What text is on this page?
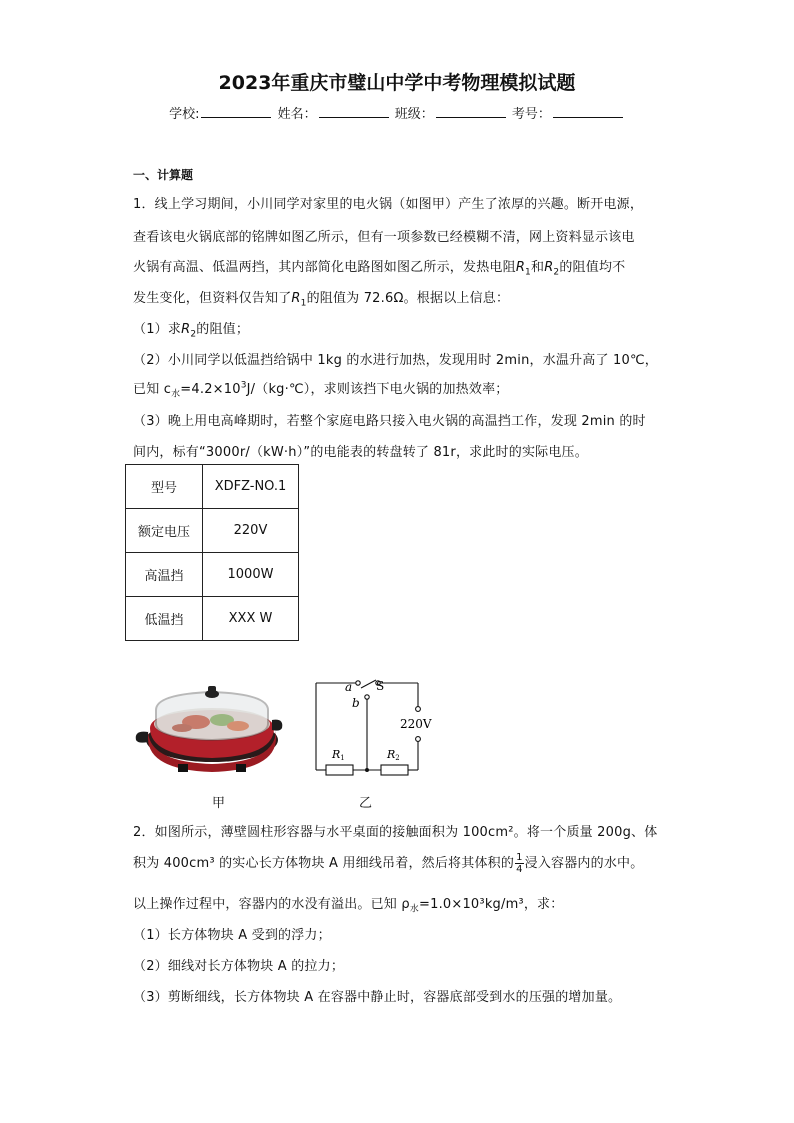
2023年重庆市璧山中学中考物理模拟试题
学校:	姓名：	班级：	考号：
一、计算题
1．线上学习期间，小川同学对家里的电火锅（如图甲）产生了浓厚的兴趣。断开电源，
查看该电火锅底部的铭牌如图乙所示，但有一项参数已经模糊不清，网上资料显示该电
火锅有高温、低温两挡，其内部简化电路图如图乙所示，发热电阻$R_1$和$R_2$的阻值均不
发生变化，但资料仅告知了$R_1$的阻值为 72.6Ω。根据以上信息：
（1）求$R_2$的阻值；
（2）小川同学以低温挡给锅中 1kg 的水进行加热，发现用时 2min，水温升高了 10℃，
已知 $c_水=4.2\times 10^3J/(kg\cdot℃)$，求则该挡下电火锅的加热效率；
（3）晚上用电高峰期时，若整个家庭电路只接入电火锅的高温挡工作，发现 2min 的时
间内，标有“3000r/（kW·h）”的电能表的转盘转了 81r，求此时的实际电压。
型号	XDFZ-NO.1
额定电压	220V
高温挡	1000W
低温挡	XXX W
a
b
S
220V
R1	R2
甲	乙
2．如图所示，薄壁圆柱形容器与水平桌面的接触面积为 100cm²。将一个质量 200g、体
积为 400cm³ 的实心长方体物块 A 用细线吊着，然后将其体积的 $\frac{1}{4}$ 浸入容器内的水中。
以上操作过程中，容器内的水没有溢出。已知 $\rho_水=1.0\times 10^3kg/m^3$，求：
（1）长方体物块 A 受到的浮力；
（2）细线对长方体物块 A 的拉力；
（3）剪断细线，长方体物块 A 在容器中静止时，容器底部受到水的压强的增加量。
